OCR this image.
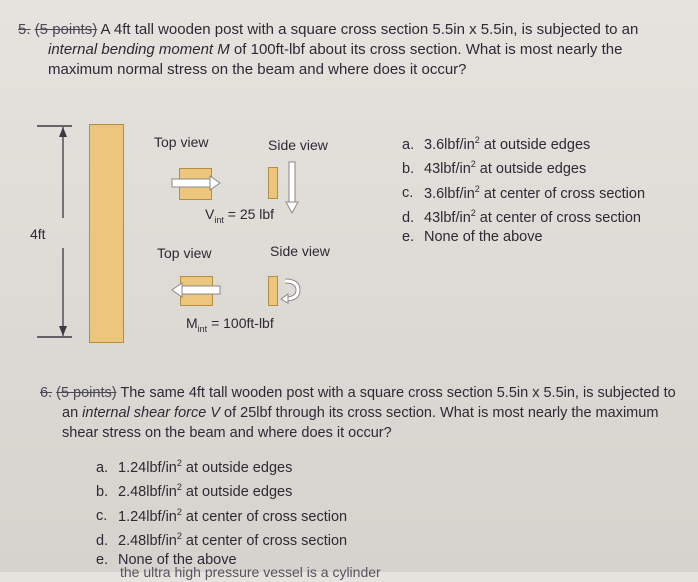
5. (5 points) A 4ft tall wooden post with a square cross section 5.5in x 5.5in, is subjected to an
internal bending moment M of 100ft-lbf about its cross section. What is most nearly the
maximum normal stress on the beam and where does it occur?
a. $3.6lbf/in^2$ at outside edges
b. $43lbf/in^2$ at outside edges
c. $3.6lbf/in^2$ at center of cross section
d. $43lbf/in^2$ at center of cross section
e. None of the above
4ft
Top view	Side view
$V_{int} = 25$ lbf
Top view	Side view
$M_{int} = 100ft-lbf$
6. (5 points) The same 4ft tall wooden post with a square cross section 5.5in x 5.5in, is subjected to
an internal shear force V of 25lbf through its cross section. What is most nearly the maximum
shear stress on the beam and where does it occur?
a. $1.24lbf/in^2$ at outside edges
b. $2.48lbf/in^2$ at outside edges
c. $1.24lbf/in^2$ at center of cross section
d. $2.48lbf/in^2$ at center of cross section
e. None of the above
the ultra high pressure vessel is a cylinder
